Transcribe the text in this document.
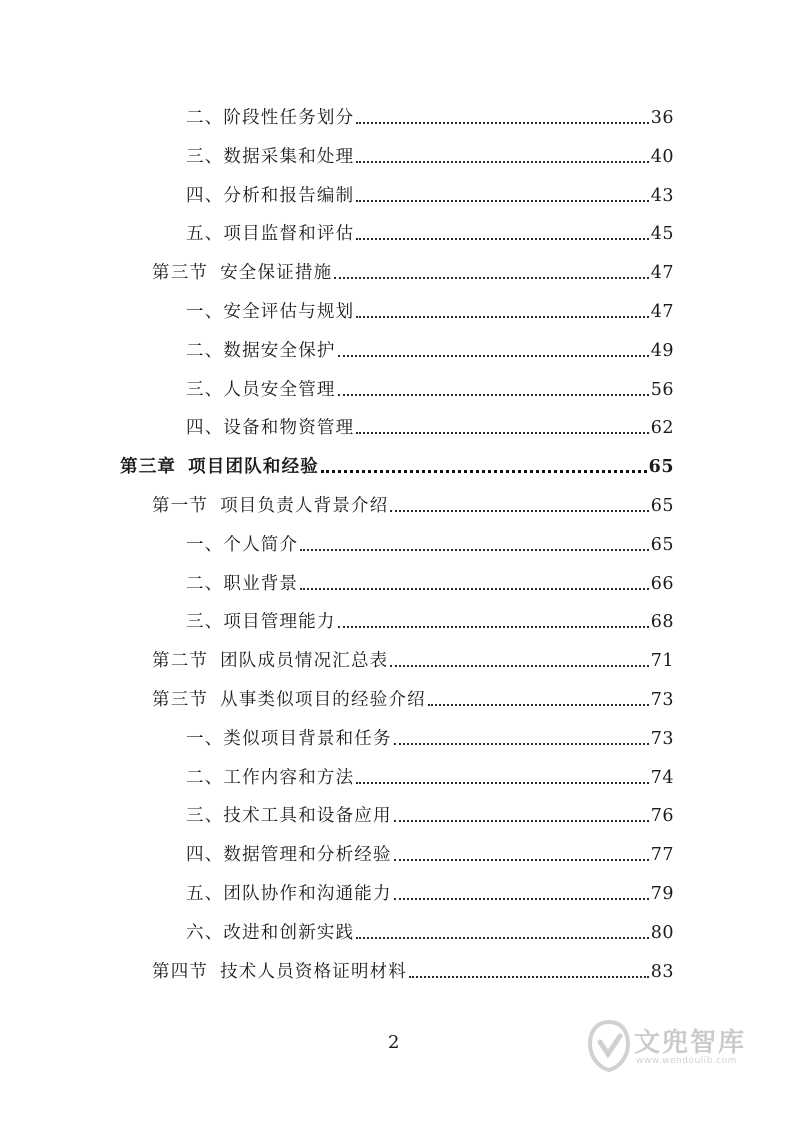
二、阶段性任务划分	36
三、数据采集和处理	40
四、分析和报告编制	43
五、项目监督和评估	45
第三节 安全保证措施	47
一、安全评估与规划	47
二、数据安全保护	49
三、人员安全管理	56
四、设备和物资管理	62
第三章 项目团队和经验	65
第一节 项目负责人背景介绍	65
一、个人简介	65
二、职业背景	66
三、项目管理能力	68
第二节 团队成员情况汇总表	71
第三节 从事类似项目的经验介绍	73
一、类似项目背景和任务	73
二、工作内容和方法	74
三、技术工具和设备应用	76
四、数据管理和分析经验	77
五、团队协作和沟通能力	79
六、改进和创新实践	80
第四节 技术人员资格证明材料	83
2	文兜智库
www.wendoulib.com
